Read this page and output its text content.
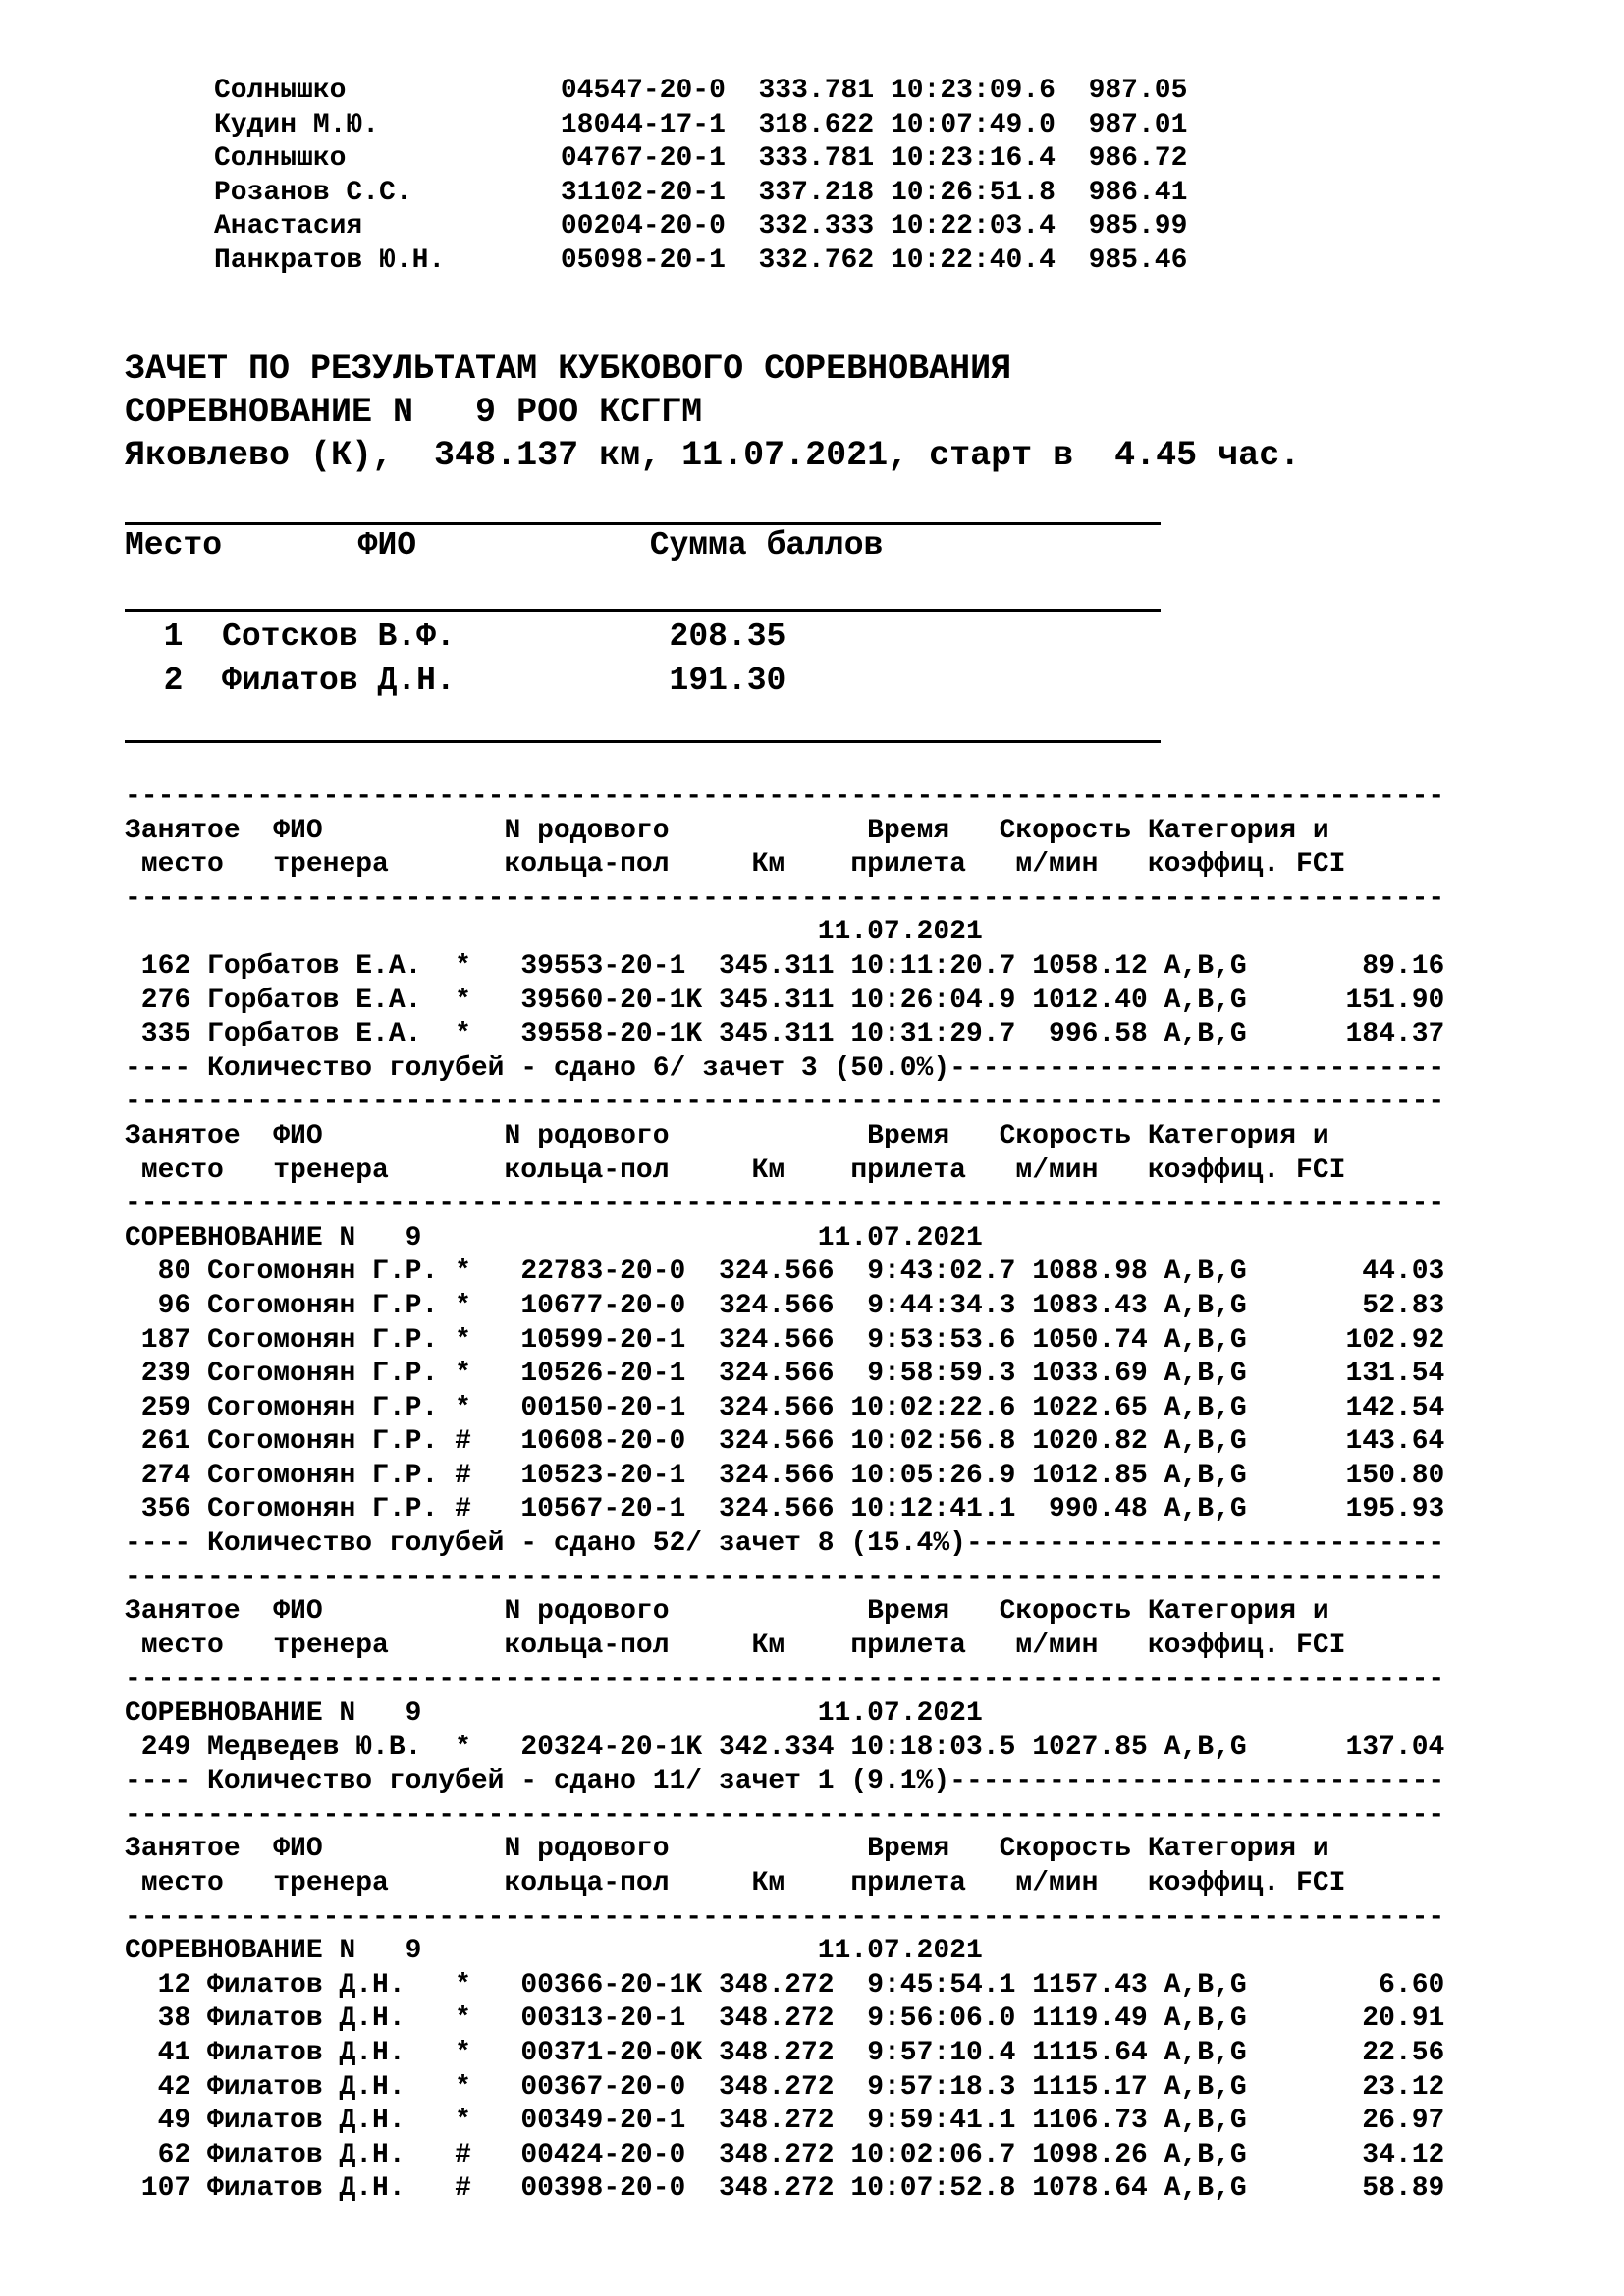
Солнышко             04547-20-0 333.781 10:23:09.6 987.05
Кудин М.Ю.           18044-17-1 318.622 10:07:49.0 987.01
Солнышко             04767-20-1 333.781 10:23:16.4 986.72
Розанов С.С.         31102-20-1 337.218 10:26:51.8 986.41
Анастасия            00204-20-0 332.333 10:22:03.4 985.99
Панкратов Ю.Н.       05098-20-1 332.762 10:22:40.4 985.46
ЗАЧЕТ ПО РЕЗУЛЬТАТАМ КУБКОВОГО СОРЕВНОВАНИЯ
СОРЕВНОВАНИЕ N   9 РОО КСГГМ
Яковлево (К),  348.137 км, 11.07.2021, старт в  4.45 час.
Место       ФИО            Сумма баллов
1 Сотсков В.Ф.           208.35
2 Филатов Д.Н.           191.30
--------------------------------------------------------------------------------
Занятое  ФИО           N родового            Время   Скорость Категория и
место   тренера       кольца-пол     Км    прилета   м/мин   коэффиц. FCI
--------------------------------------------------------------------------------
11.07.2021
162 Горбатов Е.А.  * 39553-20-1  345.311 10:11:20.7 1058.12 A,B,G       89.16
276 Горбатов Е.А.  * 39560-20-1K 345.311 10:26:04.9 1012.40 A,B,G      151.90
335 Горбатов Е.А.  * 39558-20-1K 345.311 10:31:29.7  996.58 A,B,G      184.37
---- Количество голубей - сдано 6/ зачет 3 (50.0%)------------------------------
--------------------------------------------------------------------------------
Занятое  ФИО           N родового            Время   Скорость Категория и
место   тренера       кольца-пол     Км    прилета   м/мин   коэффиц. FCI
--------------------------------------------------------------------------------
СОРЕВНОВАНИЕ N   9                        11.07.2021
80 Согомонян Г.Р. * 22783-20-0  324.566  9:43:02.7 1088.98 A,B,G       44.03
96 Согомонян Г.Р. * 10677-20-0  324.566  9:44:34.3 1083.43 A,B,G       52.83
187 Согомонян Г.Р. * 10599-20-1  324.566  9:53:53.6 1050.74 A,B,G      102.92
239 Согомонян Г.Р. * 10526-20-1  324.566  9:58:59.3 1033.69 A,B,G      131.54
259 Согомонян Г.Р. * 00150-20-1  324.566 10:02:22.6 1022.65 A,B,G      142.54
261 Согомонян Г.Р. # 10608-20-0  324.566 10:02:56.8 1020.82 A,B,G      143.64
274 Согомонян Г.Р. # 10523-20-1  324.566 10:05:26.9 1012.85 A,B,G      150.80
356 Согомонян Г.Р. # 10567-20-1  324.566 10:12:41.1  990.48 A,B,G      195.93
---- Количество голубей - сдано 52/ зачет 8 (15.4%)-----------------------------
--------------------------------------------------------------------------------
Занятое  ФИО           N родового            Время   Скорость Категория и
место   тренера       кольца-пол     Км    прилета   м/мин   коэффиц. FCI
--------------------------------------------------------------------------------
СОРЕВНОВАНИЕ N   9                        11.07.2021
249 Медведев Ю.В.  * 20324-20-1K 342.334 10:18:03.5 1027.85 A,B,G      137.04
---- Количество голубей - сдано 11/ зачет 1 (9.1%)------------------------------
--------------------------------------------------------------------------------
Занятое  ФИО           N родового            Время   Скорость Категория и
место   тренера       кольца-пол     Км    прилета   м/мин   коэффиц. FCI
--------------------------------------------------------------------------------
СОРЕВНОВАНИЕ N   9                        11.07.2021
12 Филатов Д.Н.   * 00366-20-1K 348.272  9:45:54.1 1157.43 A,B,G        6.60
38 Филатов Д.Н.   * 00313-20-1  348.272  9:56:06.0 1119.49 A,B,G       20.91
41 Филатов Д.Н.   * 00371-20-0K 348.272  9:57:10.4 1115.64 A,B,G       22.56
42 Филатов Д.Н.   * 00367-20-0  348.272  9:57:18.3 1115.17 A,B,G       23.12
49 Филатов Д.Н.   * 00349-20-1  348.272  9:59:41.1 1106.73 A,B,G       26.97
62 Филатов Д.Н.   # 00424-20-0  348.272 10:02:06.7 1098.26 A,B,G       34.12
107 Филатов Д.Н.   # 00398-20-0  348.272 10:07:52.8 1078.64 A,B,G       58.89
